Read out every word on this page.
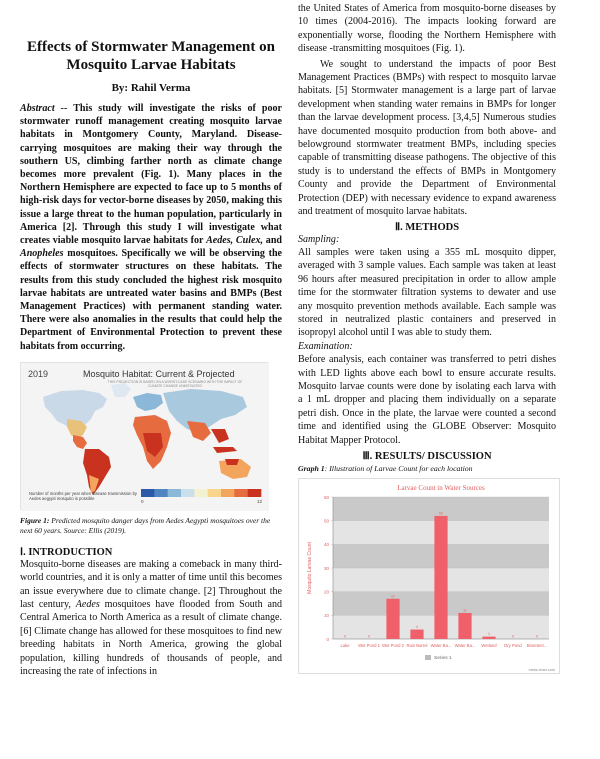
Effects of Stormwater Management on Mosquito Larvae Habitats
By: Rahil Verma

Abstract -- This study will investigate the risks of poor stormwater runoff management creating mosquito larvae habitats in Montgomery County, Maryland. Disease-carrying mosquitoes are making their way through the southern US, climbing farther north as climate change becomes more prevalent (Fig. 1). Many places in the Northern Hemisphere are expected to face up to 5 months of high-risk days for vector-borne diseases by 2050, making this issue a large threat to the human population, particularly in America [2]. Through this study I will investigate what creates viable mosquito larvae habitats for Aedes, Culex, and Anopheles mosquitoes. Specifically we will be observing the effects of stormwater structures on these habitats. The results from this study concluded the highest risk mosquito larvae habitats are untreated water basins and BMPs (Best Management Practices) with permanent standing water. There were also anomalies in the results that could help the Department of Environmental Protection to prevent these habitats from occurring.

0	12
2019	Mosquito Habitat: Current & Projected
THIS PROJECTION IS BASED ON A WORST-CASE SCENARIO WITH THE IMPACT OF CLIMATE CHANGE UNMITIGATED
Number of months per year when disease transmission by Aedes aegypti mosquito is possible

Figure 1: Predicted mosquito danger days from Aedes Aegypti mosquitoes over the next 60 years. Source: Ellis (2019).

Ⅰ. INTRODUCTION

Mosquito-borne diseases are making a comeback in many third-world countries, and it is only a matter of time until this becomes an issue everywhere due to climate change. [2] Throughout the last century, Aedes mosquitoes have flooded from South and Central America to North America as a result of climate change. [6] Climate change has allowed for these mosquitoes to find new breeding habitats in North America, growing the global population, killing hundreds of thousands of people, and increasing the rate of infections in

the United States of America from mosquito-borne diseases by 10 times (2004-2016). The impacts looking forward are exponentially worse, flooding the Northern Hemisphere with disease -transmitting mosquitoes (Fig. 1).

We sought to understand the impacts of poor Best Management Practices (BMPs) with respect to mosquito larvae habitats. [5] Stormwater management is a large part of larvae development when standing water remains in BMPs for longer than the larvae development process. [3,4,5] Numerous studies have documented mosquito production from both above- and belowground stormwater treatment BMPs, including species capable of transmitting disease pathogens. The objective of this study is to understand the effects of BMPs in Montgomery County and provide the Department of Environmental Protection (DEP) with necessary evidence to expand awareness and treatment of mosquito larvae habitats.

Ⅱ. METHODS
Sampling:

All samples were taken using a 355 mL mosquito dipper, averaged with 3 sample values. Each sample was taken at least 96 hours after measured precipitation in order to allow ample time for the stormwater filtration systems to dewater and use any mosquito prevention methods available. Each sample was stored in neutralized plastic containers and preserved in isopropyl alcohol until I was able to study them.

Examination:

Before analysis, each container was transferred to petri dishes with LED lights above each bowl to ensure accurate results. Mosquito larvae counts were done by isolating each larva with a 1 mL dropper and placing them individually on a separate petri dish. Once in the plate, the larvae were counted a second time and identified using the GLOBE Observer: Mosquito Habitat Mapper Protocol.

Ⅲ. RESULTS/ DISCUSSION

Graph 1: Illustration of Larvae Count for each location

Larvae Count in Water Sources
0
10
20
30
40
50
60
Mosquito Larvae Count
0
Lake
0
Wet Pond 1
17
Wet Pond 2
4
Rain Barrel
52
Water Ba...
11
Water Ba...
1
Wetland
0
Dry Pond
0
Bioretent...
Series 1
meta-chart.com
